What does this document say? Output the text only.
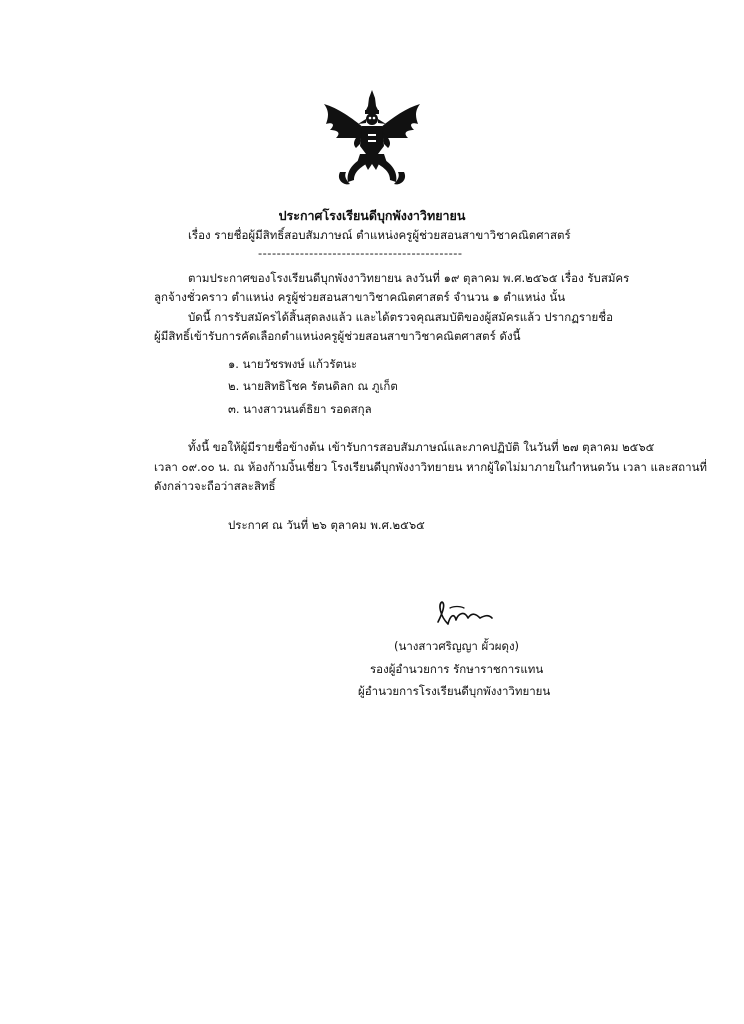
ประกาศโรงเรียนดีบุกพังงาวิทยายน
เรื่อง รายชื่อผู้มีสิทธิ์สอบสัมภาษณ์ ตำแหน่งครูผู้ช่วยสอนสาขาวิชาคณิตศาสตร์
--------------------------------------------
ตามประกาศของโรงเรียนดีบุกพังงาวิทยายน ลงวันที่ ๑๙ ตุลาคม พ.ศ.๒๕๖๕ เรื่อง รับสมัคร
ลูกจ้างชั่วคราว ตำแหน่ง ครูผู้ช่วยสอนสาขาวิชาคณิตศาสตร์ จำนวน ๑ ตำแหน่ง นั้น
บัดนี้ การรับสมัครได้สิ้นสุดลงแล้ว และได้ตรวจคุณสมบัติของผู้สมัครแล้ว ปรากฏรายชื่อ
ผู้มีสิทธิ์เข้ารับการคัดเลือกตำแหน่งครูผู้ช่วยสอนสาขาวิชาคณิตศาสตร์ ดังนี้
๑. นายวัชรพงษ์ แก้วรัตนะ
๒. นายสิทธิโชค รัตนดิลก ณ ภูเก็ต
๓. นางสาวนนต์ธิยา รอดสกุล
ทั้งนี้ ขอให้ผู้มีรายชื่อข้างต้น เข้ารับการสอบสัมภาษณ์และภาคปฏิบัติ ในวันที่ ๒๗ ตุลาคม ๒๕๖๕
เวลา ๐๙.๐๐ น. ณ ห้องก้ามงิ้นเชี่ยว โรงเรียนดีบุกพังงาวิทยายน หากผู้ใดไม่มาภายในกำหนดวัน เวลา และสถานที่
ดังกล่าวจะถือว่าสละสิทธิ์
ประกาศ ณ วันที่ ๒๖ ตุลาคม พ.ศ.๒๕๖๕
(นางสาวศริญญา ผั้วผดุง)
รองผู้อำนวยการ รักษาราชการแทน
ผู้อำนวยการโรงเรียนดีบุกพังงาวิทยายน
